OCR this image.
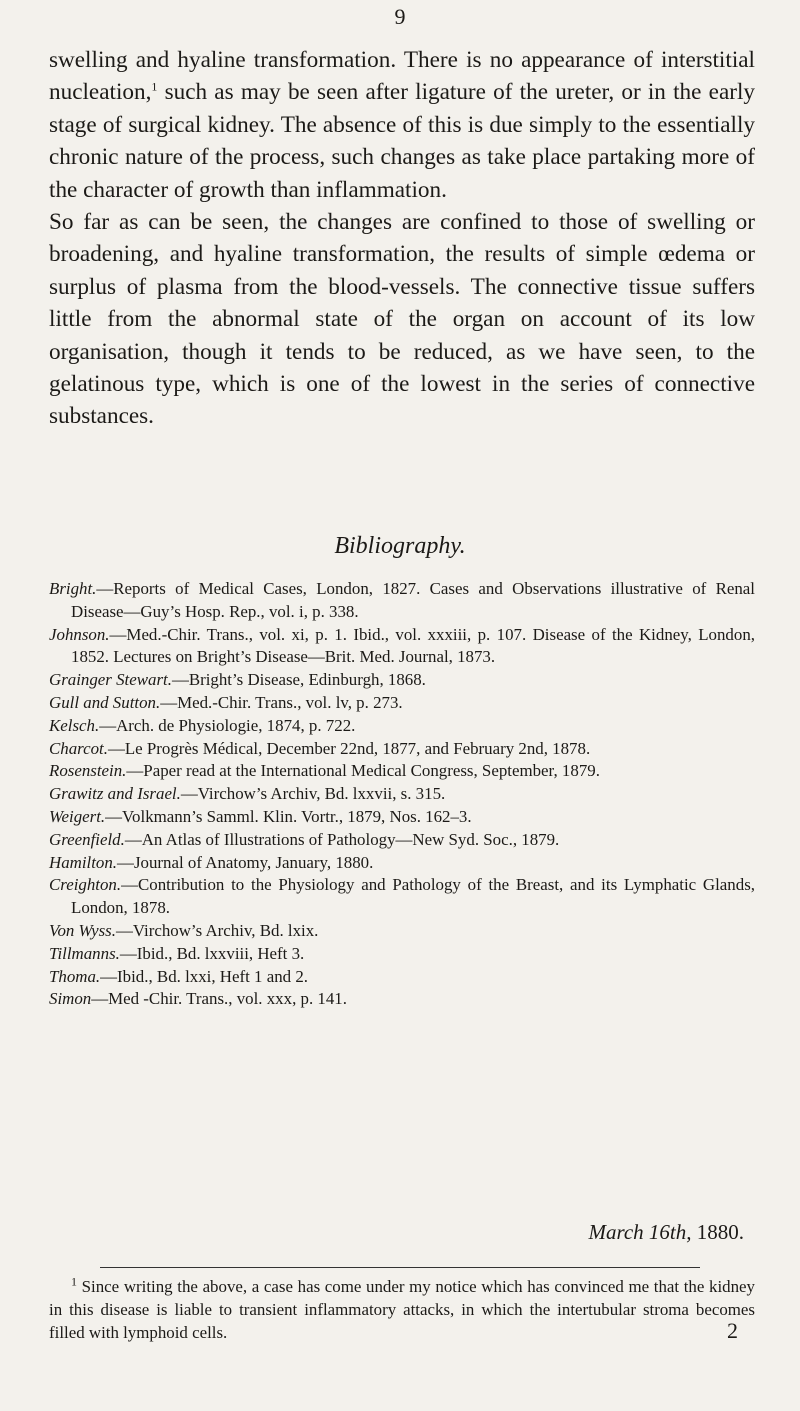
9

swelling and hyaline transformation. There is no appearance of interstitial nucleation,$^1$ such as may be seen after ligature of the ureter, or in the early stage of surgical kidney. The absence of this is due simply to the essentially chronic nature of the process, such changes as take place partaking more of the character of growth than inflammation.

So far as can be seen, the changes are confined to those of swelling or broadening, and hyaline transformation, the results of simple œdema or surplus of plasma from the blood-vessels. The connective tissue suffers little from the abnormal state of the organ on account of its low organisation, though it tends to be reduced, as we have seen, to the gelatinous type, which is one of the lowest in the series of connective substances.

Bibliography.
Bright.—Reports of Medical Cases, London, 1827. Cases and Observations illustrative of Renal Disease—Guy’s Hosp. Rep., vol. i, p. 338.
Johnson.—Med.-Chir. Trans., vol. xi, p. 1. Ibid., vol. xxxiii, p. 107. Disease of the Kidney, London, 1852. Lectures on Bright’s Disease—Brit. Med. Journal, 1873.
Grainger Stewart.—Bright’s Disease, Edinburgh, 1868.
Gull and Sutton.—Med.-Chir. Trans., vol. lv, p. 273.
Kelsch.—Arch. de Physiologie, 1874, p. 722.
Charcot.—Le Progrès Médical, December 22nd, 1877, and February 2nd, 1878.
Rosenstein.—Paper read at the International Medical Congress, September, 1879.
Grawitz and Israel.—Virchow’s Archiv, Bd. lxxvii, s. 315.
Weigert.—Volkmann’s Samml. Klin. Vortr., 1879, Nos. 162–3.
Greenfield.—An Atlas of Illustrations of Pathology—New Syd. Soc., 1879.
Hamilton.—Journal of Anatomy, January, 1880.
Creighton.—Contribution to the Physiology and Pathology of the Breast, and its Lymphatic Glands, London, 1878.
Von Wyss.—Virchow’s Archiv, Bd. lxix.
Tillmanns.—Ibid., Bd. lxxviii, Heft 3.
Thoma.—Ibid., Bd. lxxi, Heft 1 and 2.
Simon—Med -Chir. Trans., vol. xxx, p. 141.
March 16th, 1880.
$^1$ Since writing the above, a case has come under my notice which has convinced me that the kidney in this disease is liable to transient inflammatory attacks, in which the intertubular stroma becomes filled with lymphoid cells.	2
